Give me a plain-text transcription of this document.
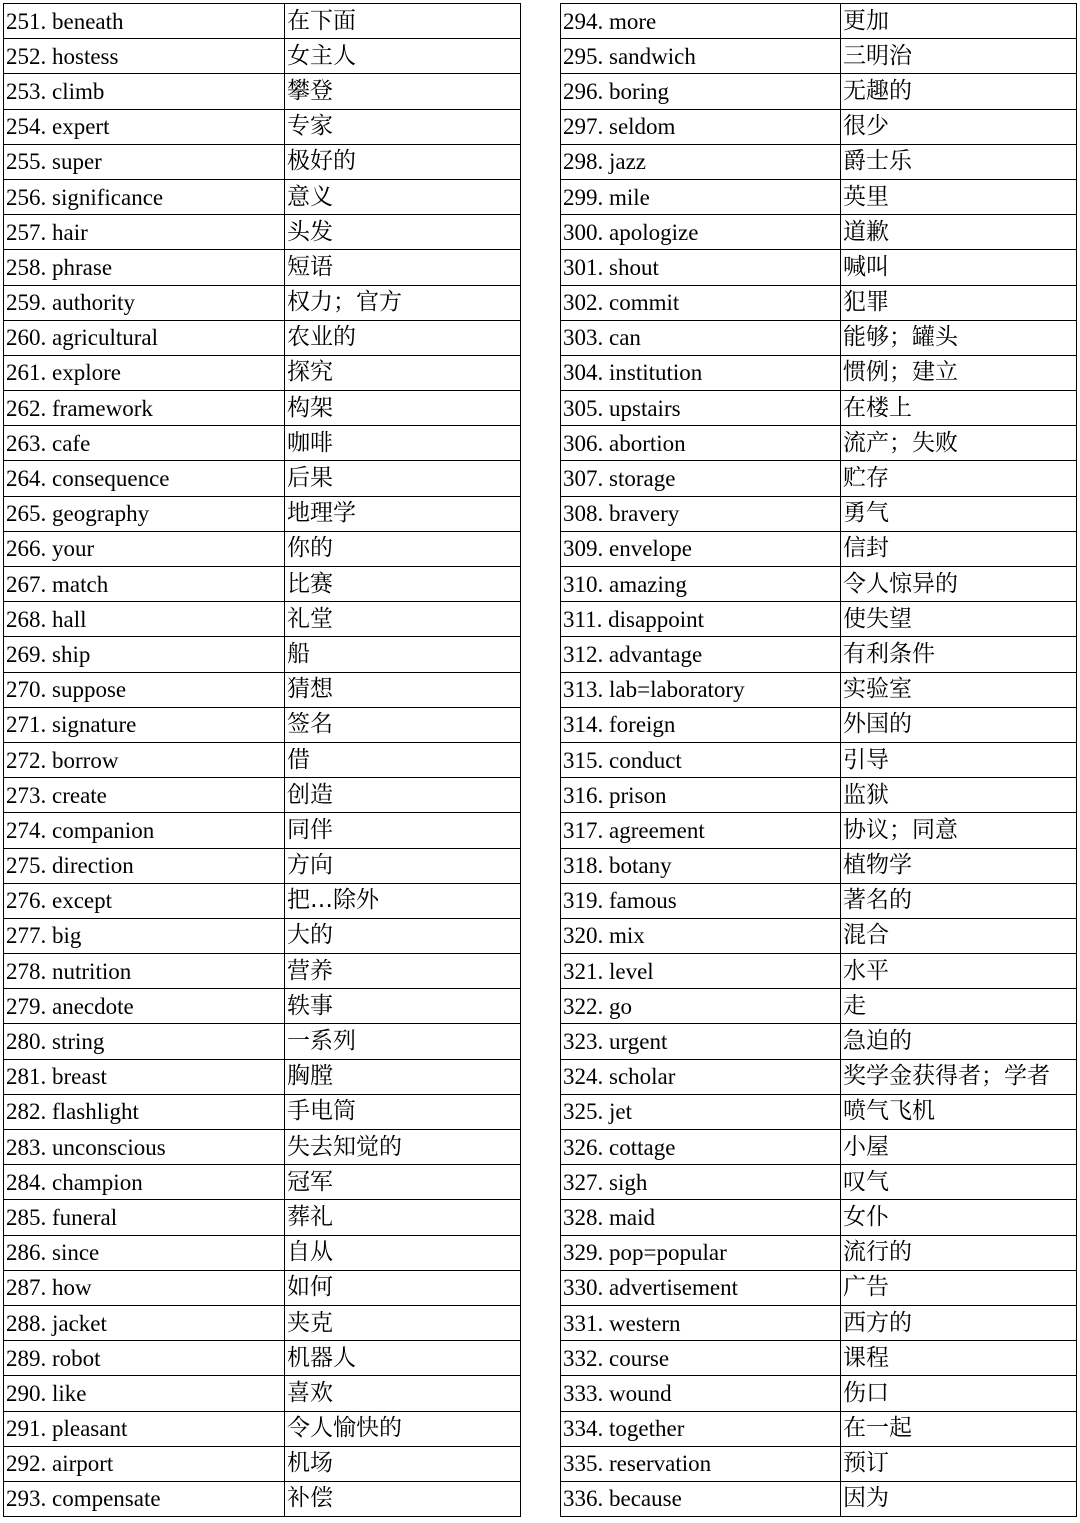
251. beneath	在下面
252. hostess	女主人
253. climb	攀登
254. expert	专家
255. super	极好的
256. significance	意义
257. hair	头发
258. phrase	短语
259. authority	权力；官方
260. agricultural	农业的
261. explore	探究
262. framework	构架
263. cafe	咖啡
264. consequence	后果
265. geography	地理学
266. your	你的
267. match	比赛
268. hall	礼堂
269. ship	船
270. suppose	猜想
271. signature	签名
272. borrow	借
273. create	创造
274. companion	同伴
275. direction	方向
276. except	把…除外
277. big	大的
278. nutrition	营养
279. anecdote	轶事
280. string	一系列
281. breast	胸膛
282. flashlight	手电筒
283. unconscious	失去知觉的
284. champion	冠军
285. funeral	葬礼
286. since	自从
287. how	如何
288. jacket	夹克
289. robot	机器人
290. like	喜欢
291. pleasant	令人愉快的
292. airport	机场
293. compensate	补偿
294. more	更加
295. sandwich	三明治
296. boring	无趣的
297. seldom	很少
298. jazz	爵士乐
299. mile	英里
300. apologize	道歉
301. shout	喊叫
302. commit	犯罪
303. can	能够；罐头
304. institution	惯例；建立
305. upstairs	在楼上
306. abortion	流产；失败
307. storage	贮存
308. bravery	勇气
309. envelope	信封
310. amazing	令人惊异的
311. disappoint	使失望
312. advantage	有利条件
313. lab=laboratory	实验室
314. foreign	外国的
315. conduct	引导
316. prison	监狱
317. agreement	协议；同意
318. botany	植物学
319. famous	著名的
320. mix	混合
321. level	水平
322. go	走
323. urgent	急迫的
324. scholar	奖学金获得者；学者
325. jet	喷气飞机
326. cottage	小屋
327. sigh	叹气
328. maid	女仆
329. pop=popular	流行的
330. advertisement	广告
331. western	西方的
332. course	课程
333. wound	伤口
334. together	在一起
335. reservation	预订
336. because	因为
